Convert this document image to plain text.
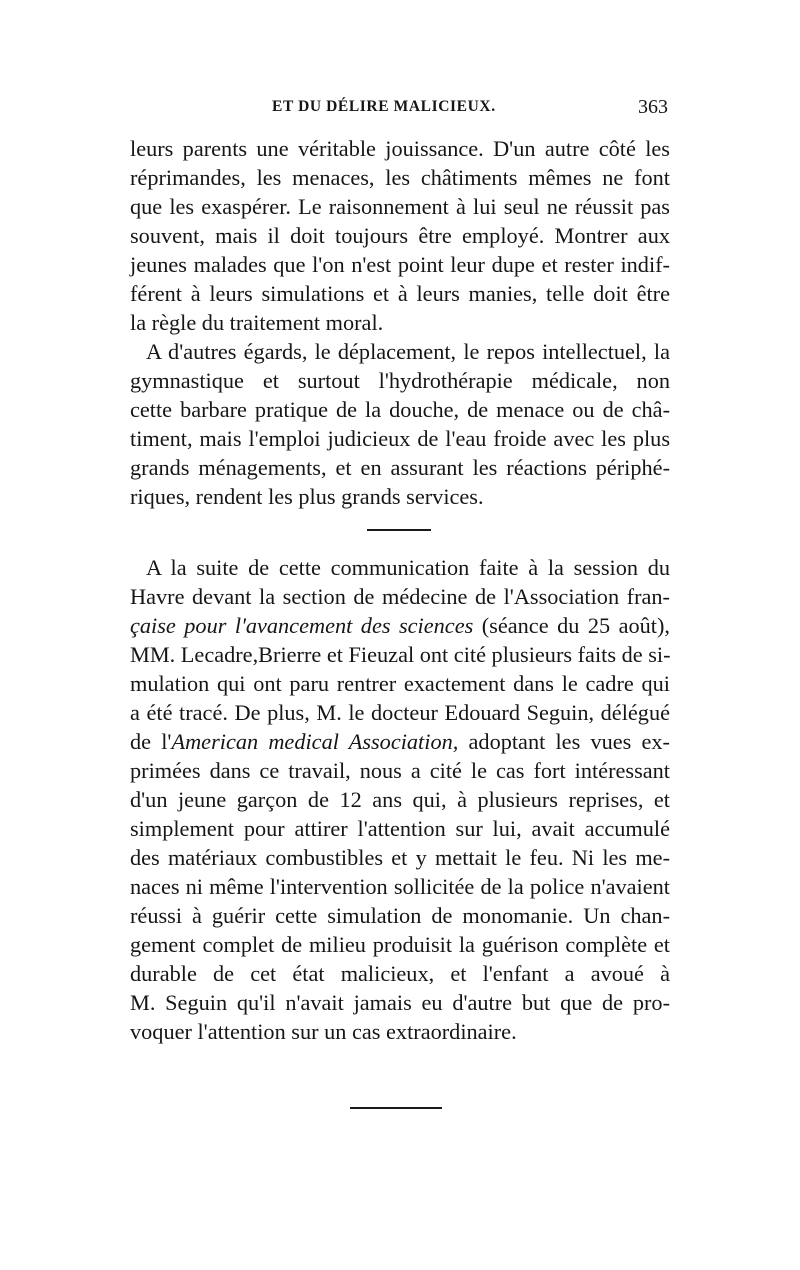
ET DU DÉLIRE MALICIEUX.	363
leurs parents une véritable jouissance. D'un autre côté les
réprimandes, les menaces, les châtiments mêmes ne font
que les exaspérer. Le raisonnement à lui seul ne réussit pas
souvent, mais il doit toujours être employé. Montrer aux
jeunes malades que l'on n'est point leur dupe et rester indif-
férent à leurs simulations et à leurs manies, telle doit être
la règle du traitement moral.
A d'autres égards, le déplacement, le repos intellectuel, la
gymnastique et surtout l'hydrothérapie médicale, non
cette barbare pratique de la douche, de menace ou de châ-
timent, mais l'emploi judicieux de l'eau froide avec les plus
grands ménagements, et en assurant les réactions périphé-
riques, rendent les plus grands services.
A la suite de cette communication faite à la session du
Havre devant la section de médecine de l'Association fran-
çaise pour l'avancement des sciences (séance du 25 août),
MM. Lecadre,Brierre et Fieuzal ont cité plusieurs faits de si-
mulation qui ont paru rentrer exactement dans le cadre qui
a été tracé. De plus, M. le docteur Edouard Seguin, délégué
de l'American medical Association, adoptant les vues ex-
primées dans ce travail, nous a cité le cas fort intéressant
d'un jeune garçon de 12 ans qui, à plusieurs reprises, et
simplement pour attirer l'attention sur lui, avait accumulé
des matériaux combustibles et y mettait le feu. Ni les me-
naces ni même l'intervention sollicitée de la police n'avaient
réussi à guérir cette simulation de monomanie. Un chan-
gement complet de milieu produisit la guérison complète et
durable de cet état malicieux, et l'enfant a avoué à
M. Seguin qu'il n'avait jamais eu d'autre but que de pro-
voquer l'attention sur un cas extraordinaire.
